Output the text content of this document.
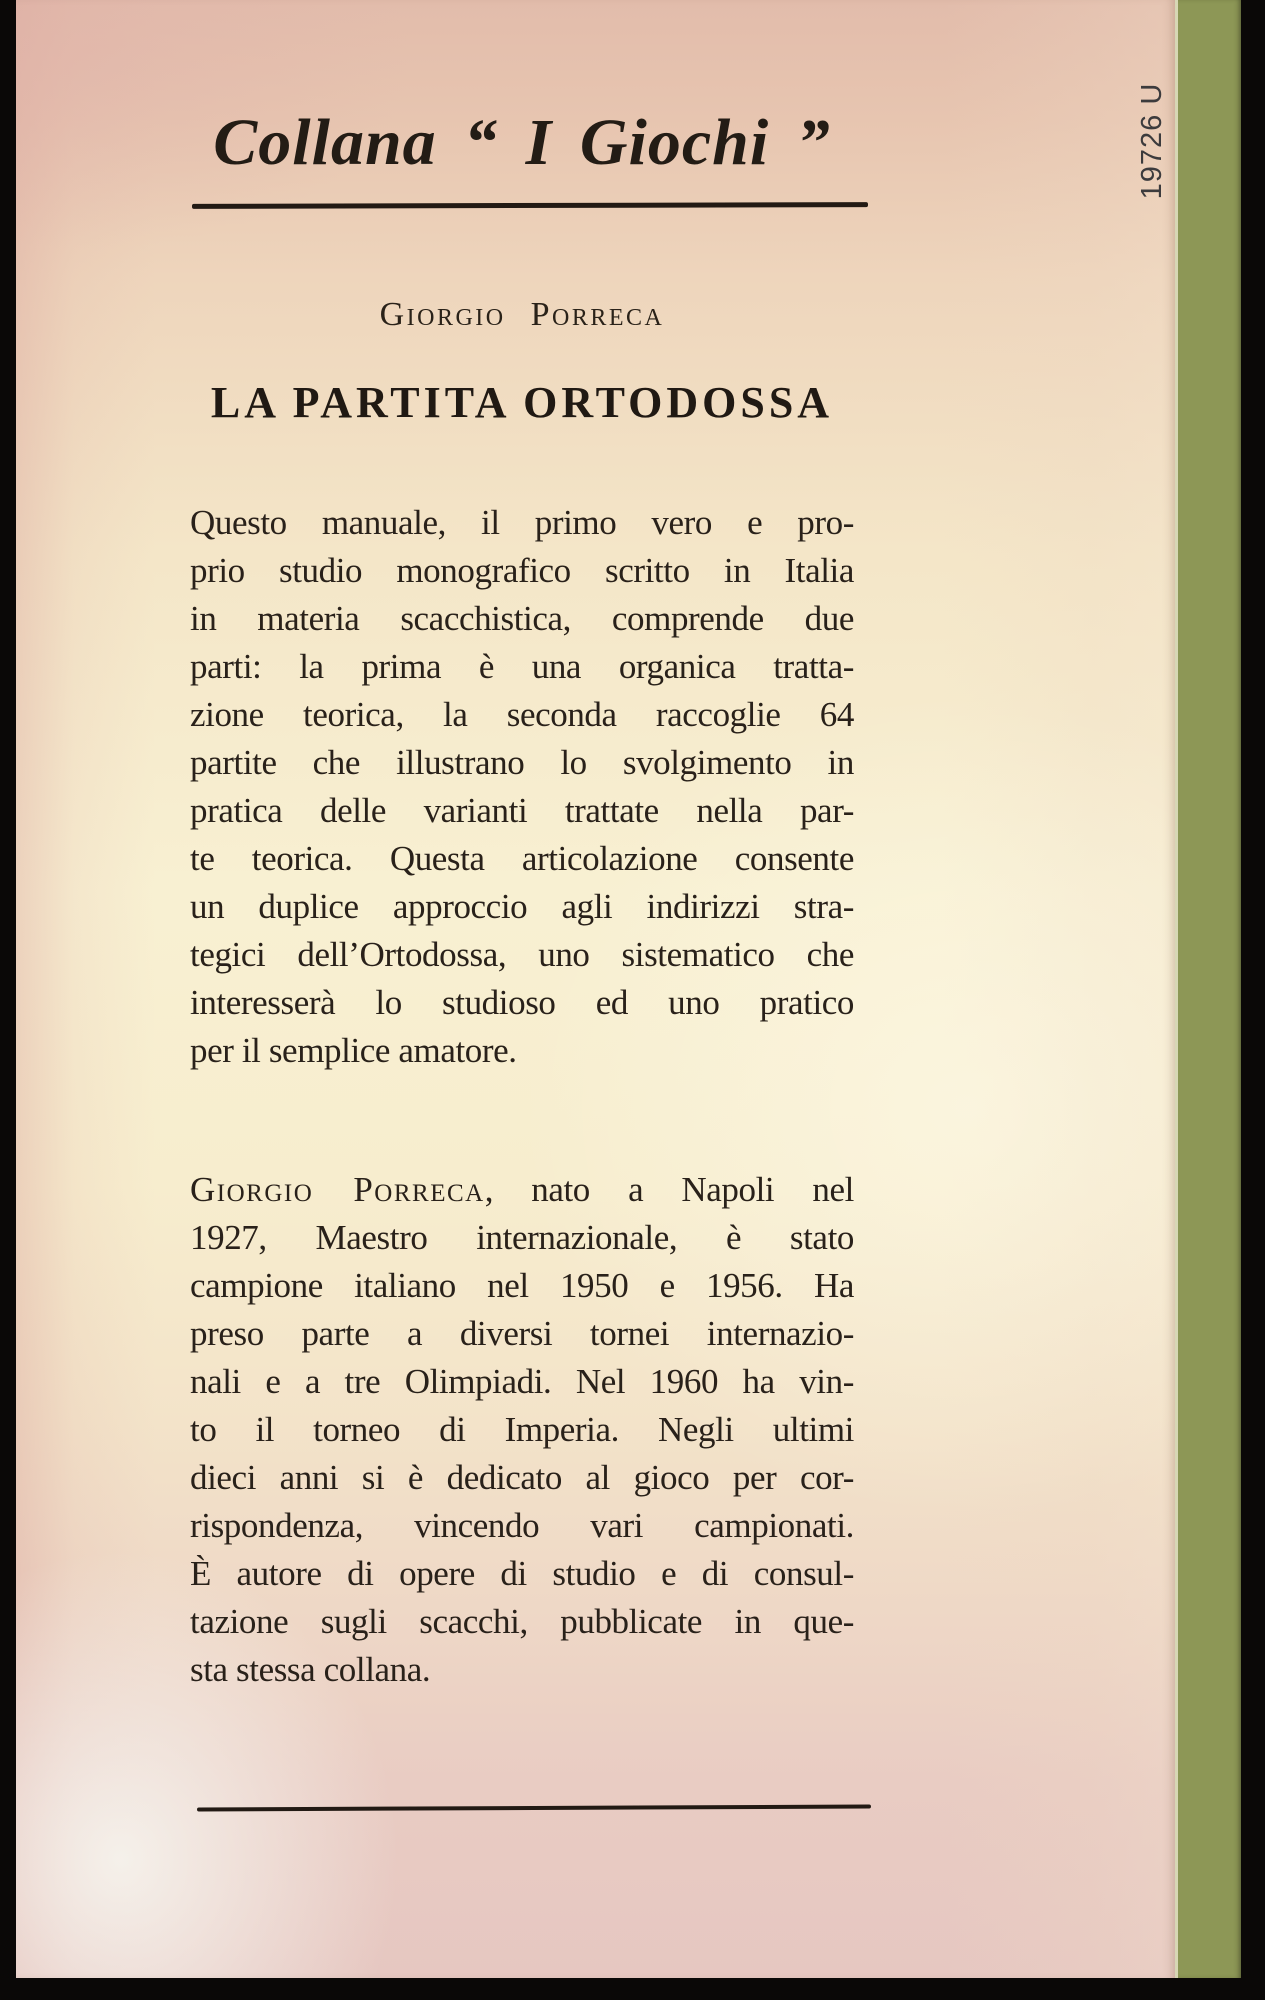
Collana “ I Giochi ”
Giorgio Porreca
LA PARTITA ORTODOSSA
Questo manuale, il primo vero e pro-
prio studio monografico scritto in Italia
in materia scacchistica, comprende due
parti: la prima è una organica tratta-
zione teorica, la seconda raccoglie 64
partite che illustrano lo svolgimento in
pratica delle varianti trattate nella par-
te teorica. Questa articolazione consente
un duplice approccio agli indirizzi stra-
tegici dell’Ortodossa, uno sistematico che
interesserà lo studioso ed uno pratico
per il semplice amatore.
Giorgio Porreca, nato a Napoli nel
1927, Maestro internazionale, è stato
campione italiano nel 1950 e 1956. Ha
preso parte a diversi tornei internazio-
nali e a tre Olimpiadi. Nel 1960 ha vin-
to il torneo di Imperia. Negli ultimi
dieci anni si è dedicato al gioco per cor-
rispondenza, vincendo vari campionati.
È autore di opere di studio e di consul-
tazione sugli scacchi, pubblicate in que-
sta stessa collana.
19726 U
